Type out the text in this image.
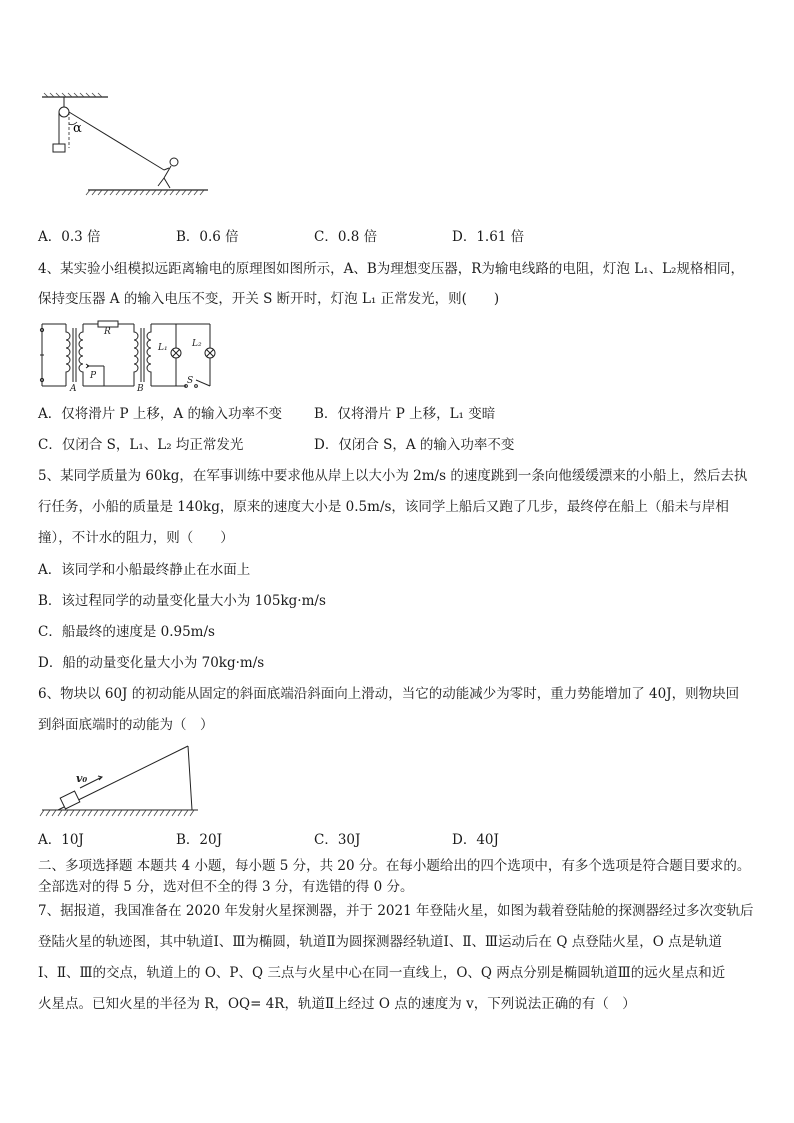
α
A．0.3 倍	B．0.6 倍	C．0.8 倍	D．1.61 倍
4、某实验小组模拟远距离输电的原理图如图所示，A、B为理想变压器，R为输电线路的电阻，灯泡 L₁、L₂规格相同，
保持变压器 A 的输入电压不变，开关 S 断开时，灯泡 L₁ 正常发光，则(　　)
R
P
A	B
L₁	L₂
S
A．仅将滑片 P 上移，A 的输入功率不变 B．仅将滑片 P 上移，L₁ 变暗
C．仅闭合 S，L₁、L₂ 均正常发光	D．仅闭合 S，A 的输入功率不变
5、某同学质量为 60kg，在军事训练中要求他从岸上以大小为 2m/s 的速度跳到一条向他缓缓漂来的小船上，然后去执
行任务，小船的质量是 140kg，原来的速度大小是 0.5m/s，该同学上船后又跑了几步，最终停在船上（船未与岸相
撞），不计水的阻力，则（　　）
A．该同学和小船最终静止在水面上
B．该过程同学的动量变化量大小为 105kg·m/s
C．船最终的速度是 0.95m/s
D．船的动量变化量大小为 70kg·m/s
6、物块以 60J 的初动能从固定的斜面底端沿斜面向上滑动，当它的动能减少为零时，重力势能增加了 40J，则物块回
到斜面底端时的动能为（　）
v₀
A．10J	B．20J	C．30J	D．40J
二、多项选择题 本题共 4 小题，每小题 5 分，共 20 分。在每小题给出的四个选项中，有多个选项是符合题目要求的。
全部选对的得 5 分，选对但不全的得 3 分，有选错的得 0 分。
7、据报道，我国准备在 2020 年发射火星探测器，并于 2021 年登陆火星，如图为载着登陆舱的探测器经过多次变轨后
登陆火星的轨迹图，其中轨道Ⅰ、Ⅲ为椭圆，轨道Ⅱ为圆探测器经轨道Ⅰ、Ⅱ、Ⅲ运动后在 Q 点登陆火星，O 点是轨道
Ⅰ、Ⅱ、Ⅲ的交点，轨道上的 O、P、Q 三点与火星中心在同一直线上，O、Q 两点分别是椭圆轨道Ⅲ的远火星点和近
火星点。已知火星的半径为 R，OQ= 4R，轨道Ⅱ上经过 O 点的速度为 v，下列说法正确的有（　）
